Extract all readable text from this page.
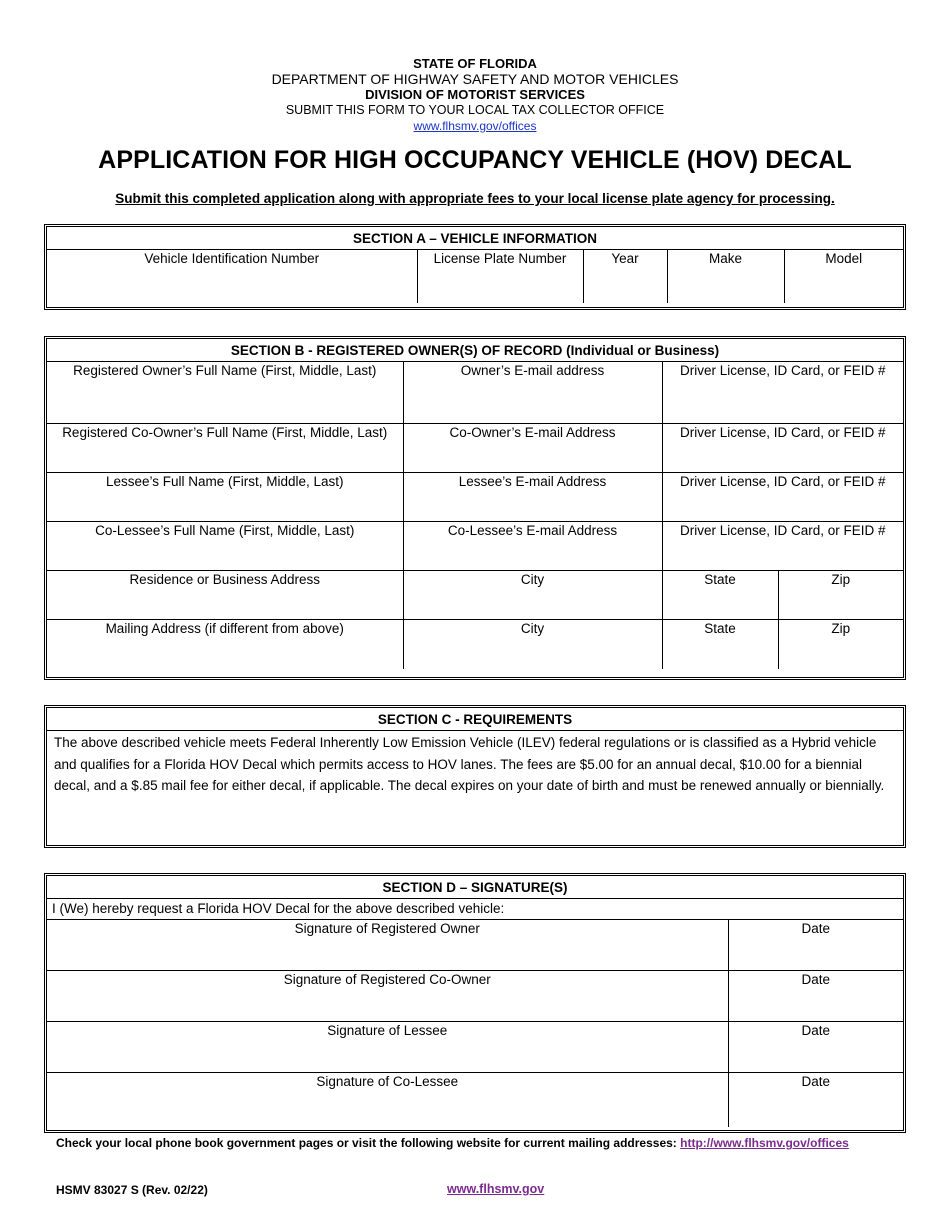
STATE OF FLORIDA
DEPARTMENT OF HIGHWAY SAFETY AND MOTOR VEHICLES
DIVISION OF MOTORIST SERVICES
SUBMIT THIS FORM TO YOUR LOCAL TAX COLLECTOR OFFICE
www.flhsmv.gov/offices
APPLICATION FOR HIGH OCCUPANCY VEHICLE (HOV) DECAL
Submit this completed application along with appropriate fees to your local license plate agency for processing.
SECTION A – VEHICLE INFORMATION
Vehicle Identification Number	License Plate Number	Year	Make	Model
SECTION B - REGISTERED OWNER(S) OF RECORD (Individual or Business)			
Registered Owner’s Full Name (First, Middle, Last)	Owner’s E-mail address	Driver License, ID Card, or FEID #	
Registered Co-Owner’s Full Name (First, Middle, Last)	Co-Owner’s E-mail Address	Driver License, ID Card, or FEID #	
Lessee’s Full Name (First, Middle, Last)	Lessee’s E-mail Address	Driver License, ID Card, or FEID #	
Co-Lessee’s Full Name (First, Middle, Last)	Co-Lessee’s E-mail Address	Driver License, ID Card, or FEID #	
Residence or Business Address	City	State	Zip
Mailing Address (if different from above)	City	State	Zip
SECTION C - REQUIREMENTS
The above described vehicle meets Federal Inherently Low Emission Vehicle (ILEV) federal regulations or is classified as a Hybrid vehicle and qualifies for a Florida HOV Decal which permits access to HOV lanes. The fees are $5.00 for an annual decal, $10.00 for a biennial decal, and a $.85 mail fee for either decal, if applicable. The decal expires on your date of birth and must be renewed annually or biennially.
SECTION D – SIGNATURE(S)	
I (We) hereby request a Florida HOV Decal for the above described vehicle:	
Signature of Registered Owner	Date
Signature of Registered Co-Owner	Date
Signature of Lessee	Date
Signature of Co-Lessee	Date
Check your local phone book government pages or visit the following website for current mailing addresses: http://www.flhsmv.gov/offices
HSMV 83027 S (Rev. 02/22)	www.flhsmv.gov
